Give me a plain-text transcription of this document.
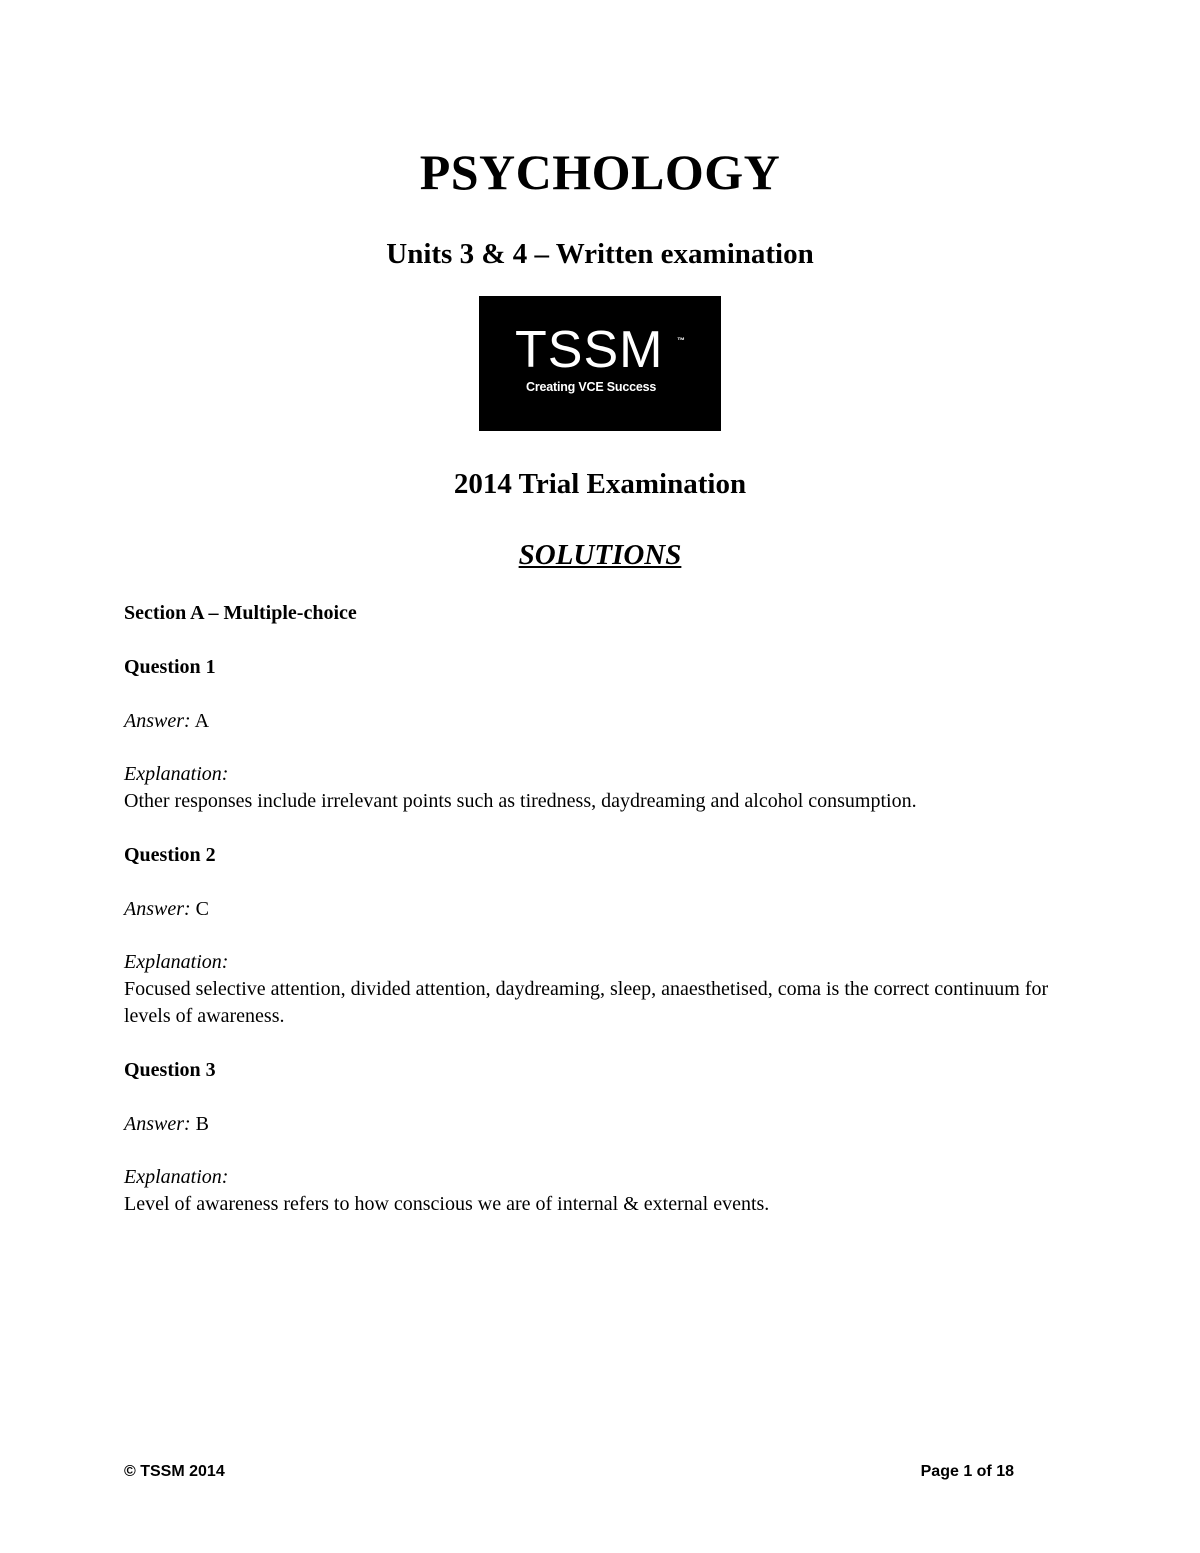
PSYCHOLOGY
Units 3 & 4 – Written examination
TSSM ™
Creating VCE Success
2014 Trial Examination
SOLUTIONS
Section A – Multiple-choice
Question 1
Answer: A
Explanation:
Other responses include irrelevant points such as tiredness, daydreaming and alcohol consumption.
Question 2
Answer: C
Explanation:
Focused selective attention, divided attention, daydreaming, sleep, anaesthetised, coma is the correct continuum for levels of awareness.
Question 3
Answer: B
Explanation:
Level of awareness refers to how conscious we are of internal & external events.
© TSSM 2014	Page 1 of 18
